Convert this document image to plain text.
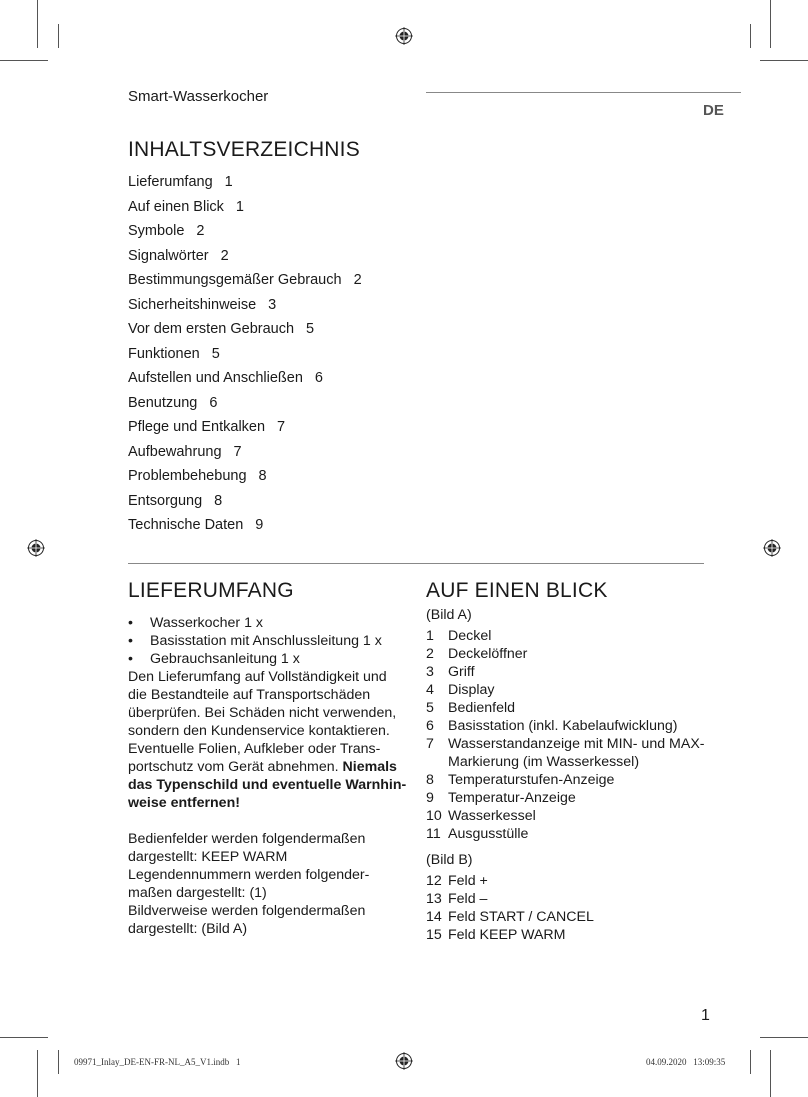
Smart-Wasserkocher
DE
INHALTSVERZEICHNIS
Lieferumfang 1
Auf einen Blick 1
Symbole 2
Signalwörter 2
Bestimmungsgemäßer Gebrauch 2
Sicherheitshinweise 3
Vor dem ersten Gebrauch 5
Funktionen 5
Aufstellen und Anschließen 6
Benutzung 6
Pflege und Entkalken 7
Aufbewahrung 7
Problembehebung 8
Entsorgung 8
Technische Daten 9
LIEFERUMFANG
• Wasserkocher 1 x
• Basisstation mit Anschlussleitung 1 x
• Gebrauchsanleitung 1 x

Den Lieferumfang auf Vollständigkeit und die Bestandteile auf Transportschäden überprüfen. Bei Schäden nicht verwenden, sondern den Kundenservice kontaktieren.

Eventuelle Folien, Aufkleber oder Transportschutz vom Gerät abnehmen. Niemals das Typenschild und eventuelle Warnhinweise entfernen!

Bedienfelder werden folgendermaßen dargestellt: KEEP WARM

Legendennummern werden folgendermaßen dargestellt: (1)

Bildverweise werden folgendermaßen dargestellt: (Bild A)

AUF EINEN BLICK

(Bild A)

1 Deckel
2 Deckelöffner
3 Griff
4 Display
5 Bedienfeld
6 Basisstation (inkl. Kabelaufwicklung)
7 Wasserstandanzeige mit MIN- und MAX-Markierung (im Wasserkessel)
8 Temperaturstufen-Anzeige
9 Temperatur-Anzeige
10 Wasserkessel
11 Ausgusstülle

(Bild B)

12 Feld +
13 Feld –
14 Feld START / CANCEL
15 Feld KEEP WARM
1
09971_Inlay_DE-EN-FR-NL_A5_V1.indb   1	04.09.2020   13:09:35
